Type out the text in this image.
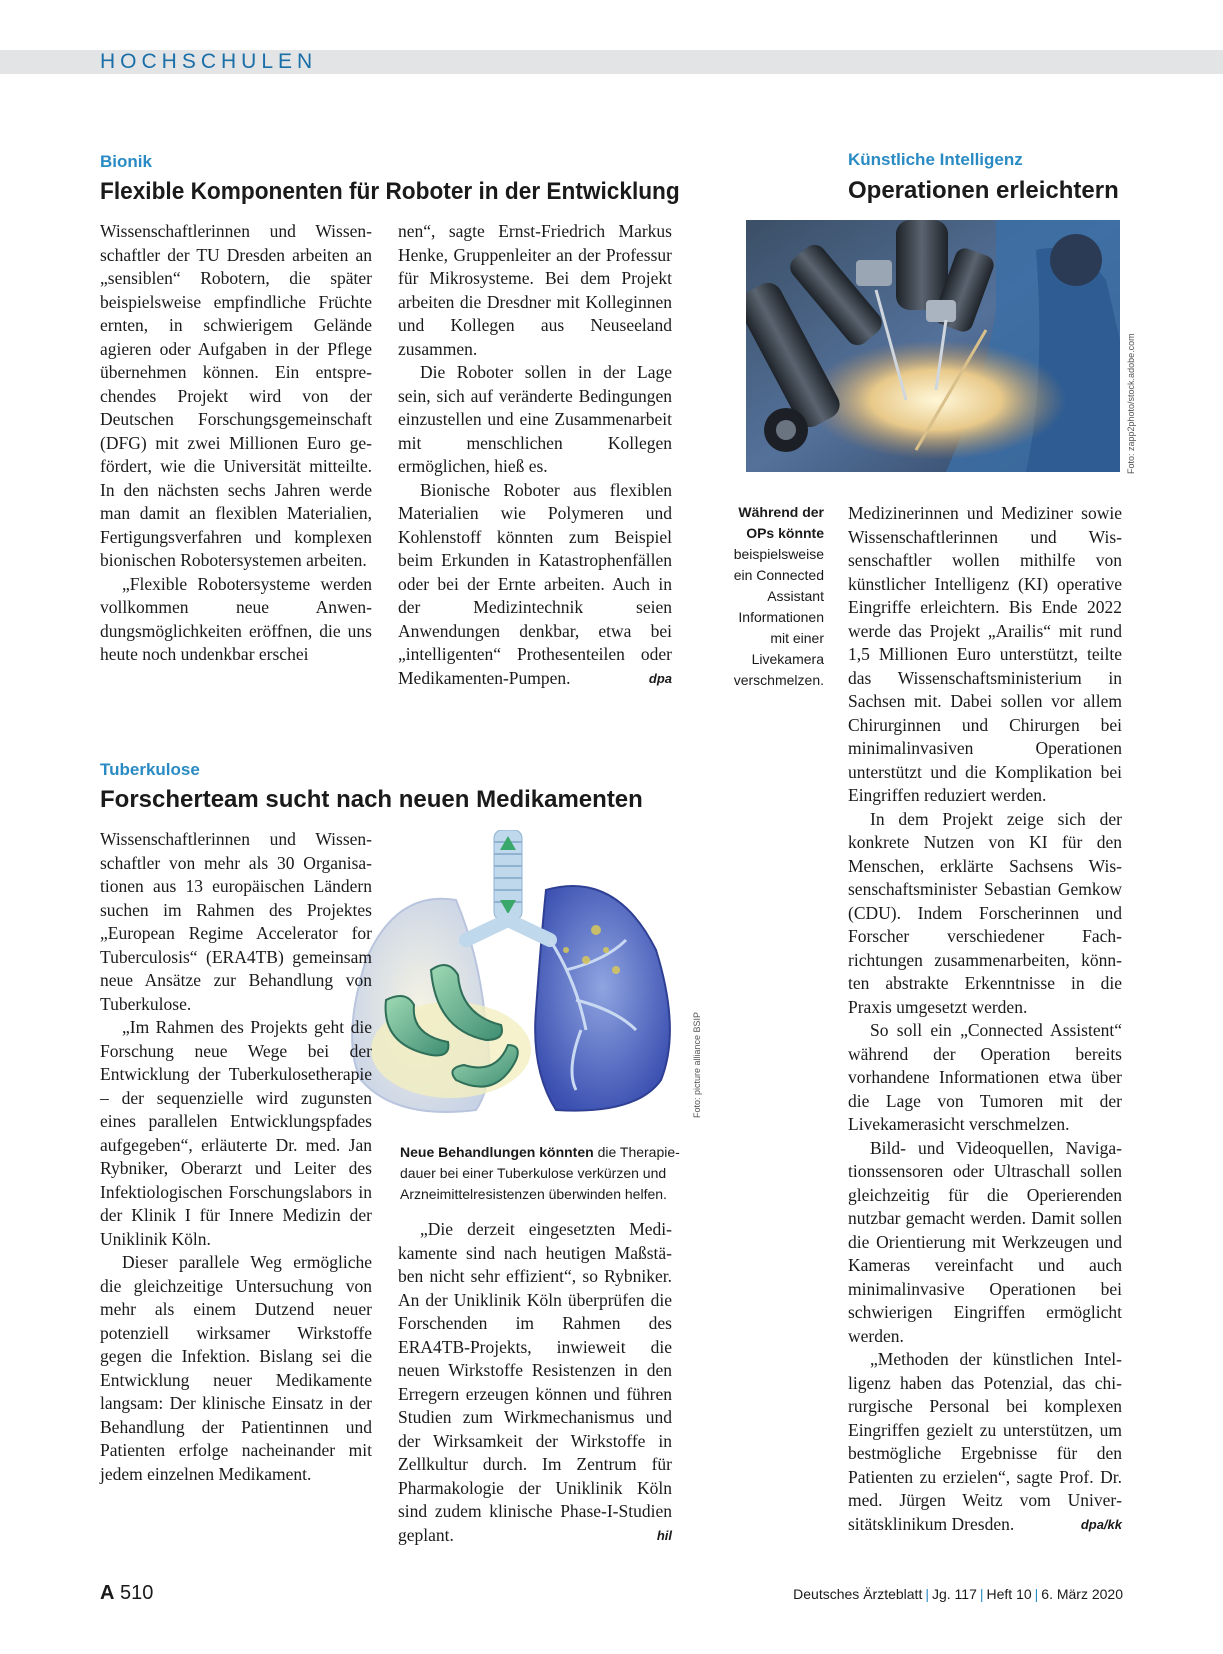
HOCHSCHULEN
Bionik
Flexible Komponenten für Roboter in der Entwicklung

Wissenschaftlerinnen und Wissenschaftler der TU Dresden arbeiten an „sensiblen“ Robotern, die später beispielsweise empfindliche Früchte ernten, in schwierigem Gelände agieren oder Aufgaben in der Pflege übernehmen können. Ein entsprechendes Projekt wird von der Deutschen Forschungsgemeinschaft (DFG) mit zwei Millionen Euro gefördert, wie die Universität mitteilte. In den nächsten sechs Jahren werde man damit an flexiblen Materialien, Fertigungsverfahren und komplexen bionischen Robotersystemen arbeiten.

„Flexible Robotersysteme werden vollkommen neue Anwendungsmöglichkeiten eröffnen, die uns heute noch undenkbar erschei

nen“, sagte Ernst-Friedrich Markus Henke, Gruppenleiter an der Professur für Mikrosysteme. Bei dem Projekt arbeiten die Dresdner mit Kolleginnen und Kollegen aus Neuseeland zusammen.

Die Roboter sollen in der Lage sein, sich auf veränderte Bedingungen einzustellen und eine Zusammenarbeit mit menschlichen Kollegen ermöglichen, hieß es.

Bionische Roboter aus flexiblen Materialien wie Polymeren und Kohlenstoff könnten zum Beispiel beim Erkunden in Katastrophenfällen oder bei der Ernte arbeiten. Auch in der Medizintechnik seien Anwendungen denkbar, etwa bei „intelligenten“ Prothesenteilen oder Medikamenten-Pumpen.	dpa

Künstliche Intelligenz
Operationen erleichtern
Foto: zapp2photo/stock.adobe.com
Während der OPs könnte beispielsweise ein Connected Assistant Informationen mit einer Livekamera verschmelzen.

Medizinerinnen und Mediziner sowie Wissenschaftlerinnen und Wissenschaftler wollen mithilfe von künstlicher Intelligenz (KI) operative Eingriffe erleichtern. Bis Ende 2022 werde das Projekt „Arailis“ mit rund 1,5 Millionen Euro unterstützt, teilte das Wissenschaftsministerium in Sachsen mit. Dabei sollen vor allem Chirurginnen und Chirurgen bei minimalinvasiven Operationen unterstützt und die Komplikation bei Eingriffen reduziert werden.

In dem Projekt zeige sich der konkrete Nutzen von KI für den Menschen, erklärte Sachsens Wissenschaftsminister Sebastian Gemkow (CDU). Indem Forscherinnen und Forscher verschiedener Fachrichtungen zusammenarbeiten, könnten abstrakte Erkenntnisse in die Praxis umgesetzt werden.

So soll ein „Connected Assistent“ während der Operation bereits vorhandene Informationen etwa über die Lage von Tumoren mit der Livekamerasicht verschmelzen.

Bild- und Videoquellen, Navigationssensoren oder Ultraschall sollen gleichzeitig für die Operierenden nutzbar gemacht werden. Damit sollen die Orientierung mit Werkzeugen und Kameras vereinfacht und auch minimalinvasive Operationen bei schwierigen Eingriffen ermöglicht werden.

„Methoden der künstlichen Intelligenz haben das Potenzial, das chirurgische Personal bei komplexen Eingriffen gezielt zu unterstützen, um bestmögliche Ergebnisse für den Patienten zu erzielen“, sagte Prof. Dr. med. Jürgen Weitz vom Universitätsklinikum Dresden.	dpa/kk

Tuberkulose
Forscherteam sucht nach neuen Medikamenten
Foto: picture alliance BSIP
Neue Behandlungen könnten die Therapiedauer bei einer Tuberkulose verkürzen und Arzneimittelresistenzen überwinden helfen.

Wissenschaftlerinnen und Wissenschaftler von mehr als 30 Organisationen aus 13 europäischen Ländern suchen im Rahmen des Projektes „European Regime Accelerator for Tuberculosis“ (ERA4TB) gemeinsam neue Ansätze zur Behandlung von Tuberkulose.

„Im Rahmen des Projekts geht die Forschung neue Wege bei der Entwicklung der Tuberkulosetherapie – der sequenzielle wird zugunsten eines parallelen Entwicklungspfades aufgegeben“, erläuterte Dr. med. Jan Rybniker, Oberarzt und Leiter des Infektiologischen Forschungslabors in der Klinik I für Innere Medizin der Uniklinik Köln.

Dieser parallele Weg ermögliche die gleichzeitige Untersuchung von mehr als einem Dutzend neuer potenziell wirksamer Wirkstoffe gegen die Infektion. Bislang sei die Entwicklung neuer Medikamente langsam: Der klinische Einsatz in der Behandlung der Patientinnen und Patienten erfolge nacheinander mit jedem einzelnen Medikament.

„Die derzeit eingesetzten Medikamente sind nach heutigen Maßstäben nicht sehr effizient“, so Rybniker. An der Uniklinik Köln überprüfen die Forschenden im Rahmen des ERA4TB-Projekts, inwieweit die neuen Wirkstoffe Resistenzen in den Erregern erzeugen können und führen Studien zum Wirkmechanismus und der Wirksamkeit der Wirkstoffe in Zellkultur durch. Im Zentrum für Pharmakologie der Uniklinik Köln sind zudem klinische Phase-I-Studien geplant.	hil

A 510	Deutsches Ärzteblatt | Jg. 117 | Heft 10 | 6. März 2020
